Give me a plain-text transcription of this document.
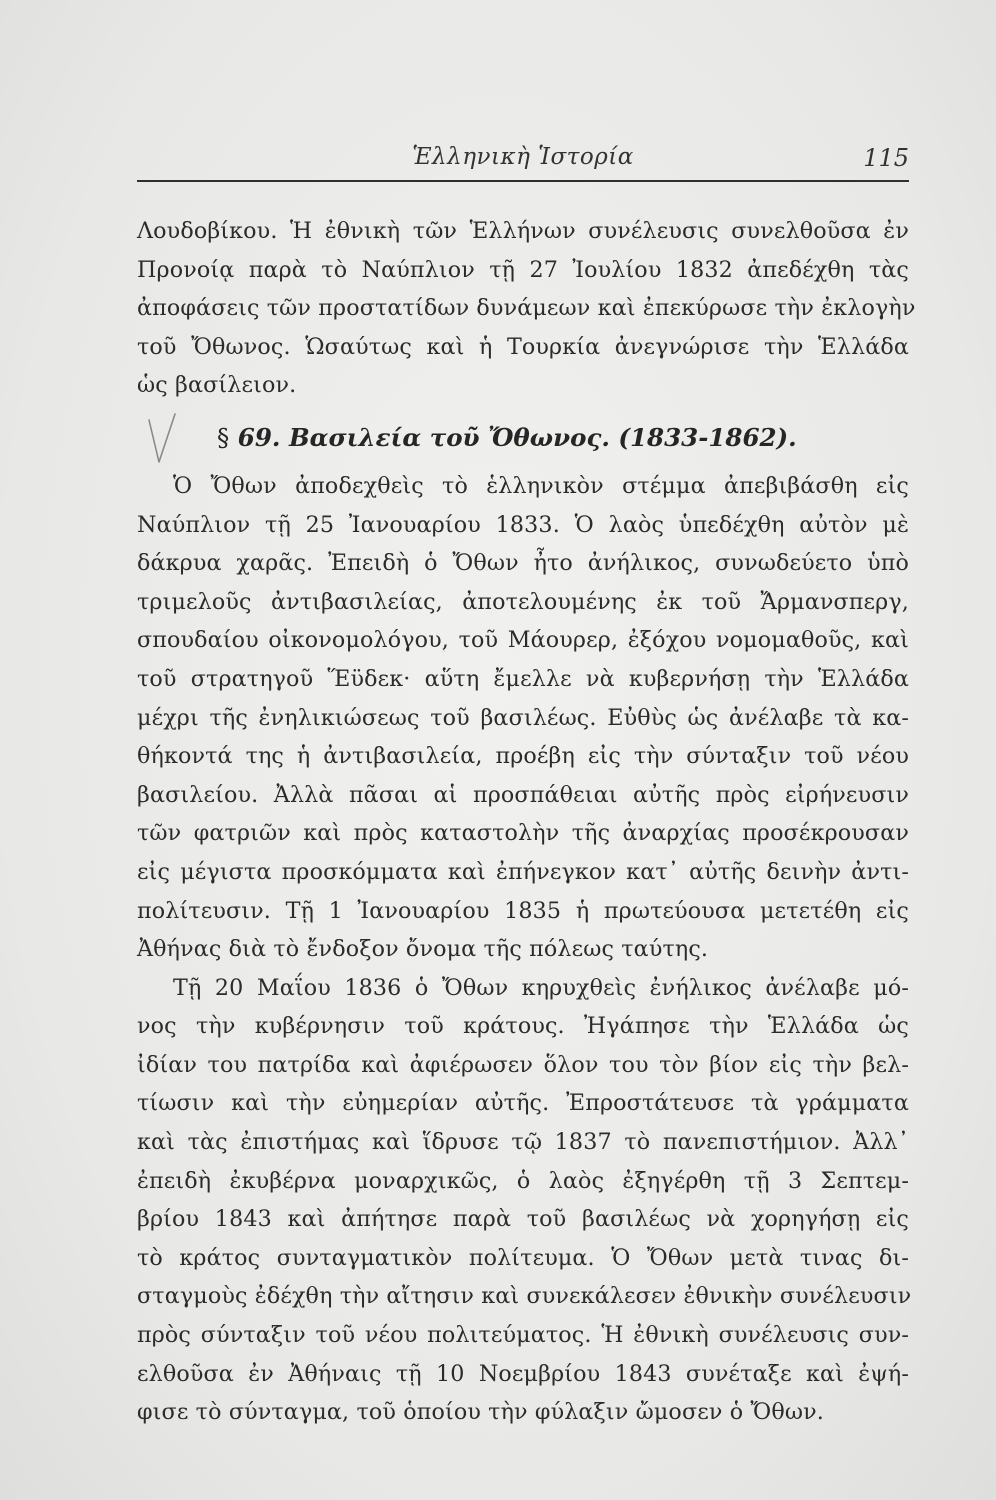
Ἑλληνικὴ Ἱστορία	115
Λουδοβίκου. Ἡ ἐθνικὴ τῶν Ἑλλήνων συνέλευσις συνελθοῦσα ἐν
Προνοίᾳ παρὰ τὸ Ναύπλιον τῇ 27 Ἰουλίου 1832 ἀπεδέχθη τὰς
ἀποφάσεις τῶν προστατίδων δυνάμεων καὶ ἐπεκύρωσε τὴν ἐκλογὴν
τοῦ Ὄθωνος. Ὡσαύτως καὶ ἡ Τουρκία ἀνεγνώρισε τὴν Ἑλλάδα
ὡς βασίλειον.
§ 69. Βασιλεία τοῦ Ὄθωνος. (1833-1862).
Ὁ Ὄθων ἀποδεχθεὶς τὸ ἑλληνικὸν στέμμα ἀπεβιβάσθη εἰς
Ναύπλιον τῇ 25 Ἰανουαρίου 1833. Ὁ λαὸς ὑπεδέχθη αὐτὸν μὲ
δάκρυα χαρᾶς. Ἐπειδὴ ὁ Ὄθων ἦτο ἀνήλικος, συνωδεύετο ὑπὸ
τριμελοῦς ἀντιβασιλείας, ἀποτελουμένης ἐκ τοῦ Ἄρμανσπεργ,
σπουδαίου οἰκονομολόγου, τοῦ Μάουρερ, ἐξόχου νομομαθοῦς, καὶ
τοῦ στρατηγοῦ Ἕϋδεκ· αὕτη ἔμελλε νὰ κυβερνήσῃ τὴν Ἑλλάδα
μέχρι τῆς ἐνηλικιώσεως τοῦ βασιλέως. Εὐθὺς ὡς ἀνέλαβε τὰ κα-
θήκοντά της ἡ ἀντιβασιλεία, προέβη εἰς τὴν σύνταξιν τοῦ νέου
βασιλείου. Ἀλλὰ πᾶσαι αἱ προσπάθειαι αὐτῆς πρὸς εἰρήνευσιν
τῶν φατριῶν καὶ πρὸς καταστολὴν τῆς ἀναρχίας προσέκρουσαν
εἰς μέγιστα προσκόμματα καὶ ἐπήνεγκον κατ᾽ αὐτῆς δεινὴν ἀντι-
πολίτευσιν. Τῇ 1 Ἰανουαρίου 1835 ἡ πρωτεύουσα μετετέθη εἰς
Ἀθήνας διὰ τὸ ἔνδοξον ὄνομα τῆς πόλεως ταύτης.
Τῇ 20 Μαΐου 1836 ὁ Ὄθων κηρυχθεὶς ἐνήλικος ἀνέλαβε μό-
νος τὴν κυβέρνησιν τοῦ κράτους. Ἠγάπησε τὴν Ἑλλάδα ὡς
ἰδίαν του πατρίδα καὶ ἀφιέρωσεν ὅλον του τὸν βίον εἰς τὴν βελ-
τίωσιν καὶ τὴν εὐημερίαν αὐτῆς. Ἐπροστάτευσε τὰ γράμματα
καὶ τὰς ἐπιστήμας καὶ ἵδρυσε τῷ 1837 τὸ πανεπιστήμιον. Ἀλλ᾽
ἐπειδὴ ἐκυβέρνα μοναρχικῶς, ὁ λαὸς ἐξηγέρθη τῇ 3 Σεπτεμ-
βρίου 1843 καὶ ἀπήτησε παρὰ τοῦ βασιλέως νὰ χορηγήσῃ εἰς
τὸ κράτος συνταγματικὸν πολίτευμα. Ὁ Ὄθων μετὰ τινας δι-
σταγμοὺς ἐδέχθη τὴν αἴτησιν καὶ συνεκάλεσεν ἐθνικὴν συνέλευσιν
πρὸς σύνταξιν τοῦ νέου πολιτεύματος. Ἡ ἐθνικὴ συνέλευσις συν-
ελθοῦσα ἐν Ἀθήναις τῇ 10 Νοεμβρίου 1843 συνέταξε καὶ ἐψή-
φισε τὸ σύνταγμα, τοῦ ὁποίου τὴν φύλαξιν ὤμοσεν ὁ Ὄθων.
